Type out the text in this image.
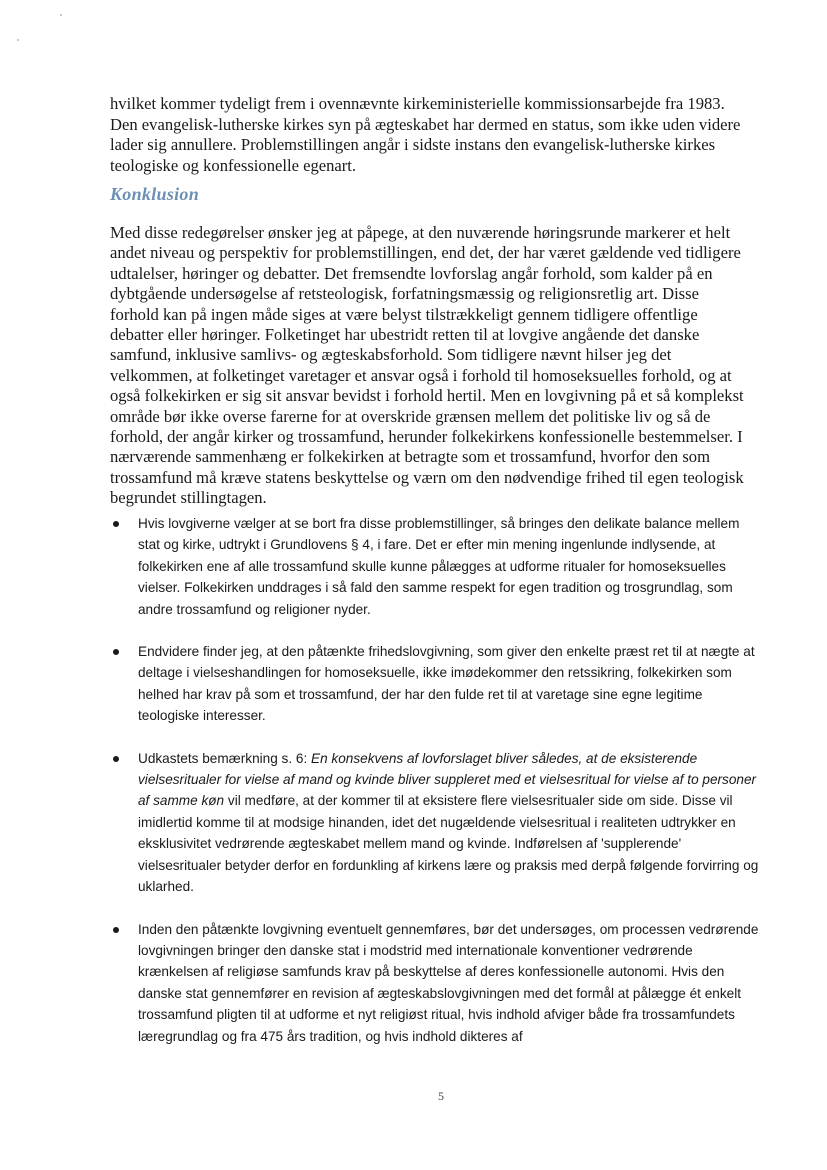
hvilket kommer tydeligt frem i ovennævnte kirkeministerielle kommissionsarbejde fra 1983. Den evangelisk-lutherske kirkes syn på ægteskabet har dermed en status, som ikke uden videre lader sig annullere. Problemstillingen angår i sidste instans den evangelisk-lutherske kirkes teologiske og konfessionelle egenart.

Konklusion

Med disse redegørelser ønsker jeg at påpege, at den nuværende høringsrunde markerer et helt andet niveau og perspektiv for problemstillingen, end det, der har været gældende ved tidligere udtalelser, høringer og debatter. Det fremsendte lovforslag angår forhold, som kalder på en dybtgående undersøgelse af retsteologisk, forfatningsmæssig og religionsretlig art. Disse forhold kan på ingen måde siges at være belyst tilstrækkeligt gennem tidligere offentlige debatter eller høringer. Folketinget har ubestridt retten til at lovgive angående det danske samfund, inklusive samlivs- og ægteskabsforhold. Som tidligere nævnt hilser jeg det velkommen, at folketinget varetager et ansvar også i forhold til homoseksuelles forhold, og at også folkekirken er sig sit ansvar bevidst i forhold hertil. Men en lovgivning på et så komplekst område bør ikke overse farerne for at overskride grænsen mellem det politiske liv og så de forhold, der angår kirker og trossamfund, herunder folkekirkens konfessionelle bestemmelser. I nærværende sammenhæng er folkekirken at betragte som et trossamfund, hvorfor den som trossamfund må kræve statens beskyttelse og værn om den nødvendige frihed til egen teologisk begrundet stillingtagen.

Hvis lovgiverne vælger at se bort fra disse problemstillinger, så bringes den delikate balance mellem stat og kirke, udtrykt i Grundlovens § 4, i fare. Det er efter min mening ingenlunde indlysende, at folkekirken ene af alle trossamfund skulle kunne pålægges at udforme ritualer for homoseksuelles vielser. Folkekirken unddrages i så fald den samme respekt for egen tradition og trosgrundlag, som andre trossamfund og religioner nyder.
Endvidere finder jeg, at den påtænkte frihedslovgivning, som giver den enkelte præst ret til at nægte at deltage i vielseshandlingen for homoseksuelle, ikke imødekommer den retssikring, folkekirken som helhed har krav på som et trossamfund, der har den fulde ret til at varetage sine egne legitime teologiske interesser.
Udkastets bemærkning s. 6: En konsekvens af lovforslaget bliver således, at de eksisterende vielsesritualer for vielse af mand og kvinde bliver suppleret med et vielsesritual for vielse af to personer af samme køn vil medføre, at der kommer til at eksistere flere vielsesritualer side om side. Disse vil imidlertid komme til at modsige hinanden, idet det nugældende vielsesritual i realiteten udtrykker en eksklusivitet vedrørende ægteskabet mellem mand og kvinde. Indførelsen af 'supplerende' vielsesritualer betyder derfor en fordunkling af kirkens lære og praksis med derpå følgende forvirring og uklarhed.
Inden den påtænkte lovgivning eventuelt gennemføres, bør det undersøges, om processen vedrørende lovgivningen bringer den danske stat i modstrid med internationale konventioner vedrørende krænkelsen af religiøse samfunds krav på beskyttelse af deres konfessionelle autonomi. Hvis den danske stat gennemfører en revision af ægteskabslovgivningen med det formål at pålægge ét enkelt trossamfund pligten til at udforme et nyt religiøst ritual, hvis indhold afviger både fra trossamfundets læregrundlag og fra 475 års tradition, og hvis indhold dikteres af
5
